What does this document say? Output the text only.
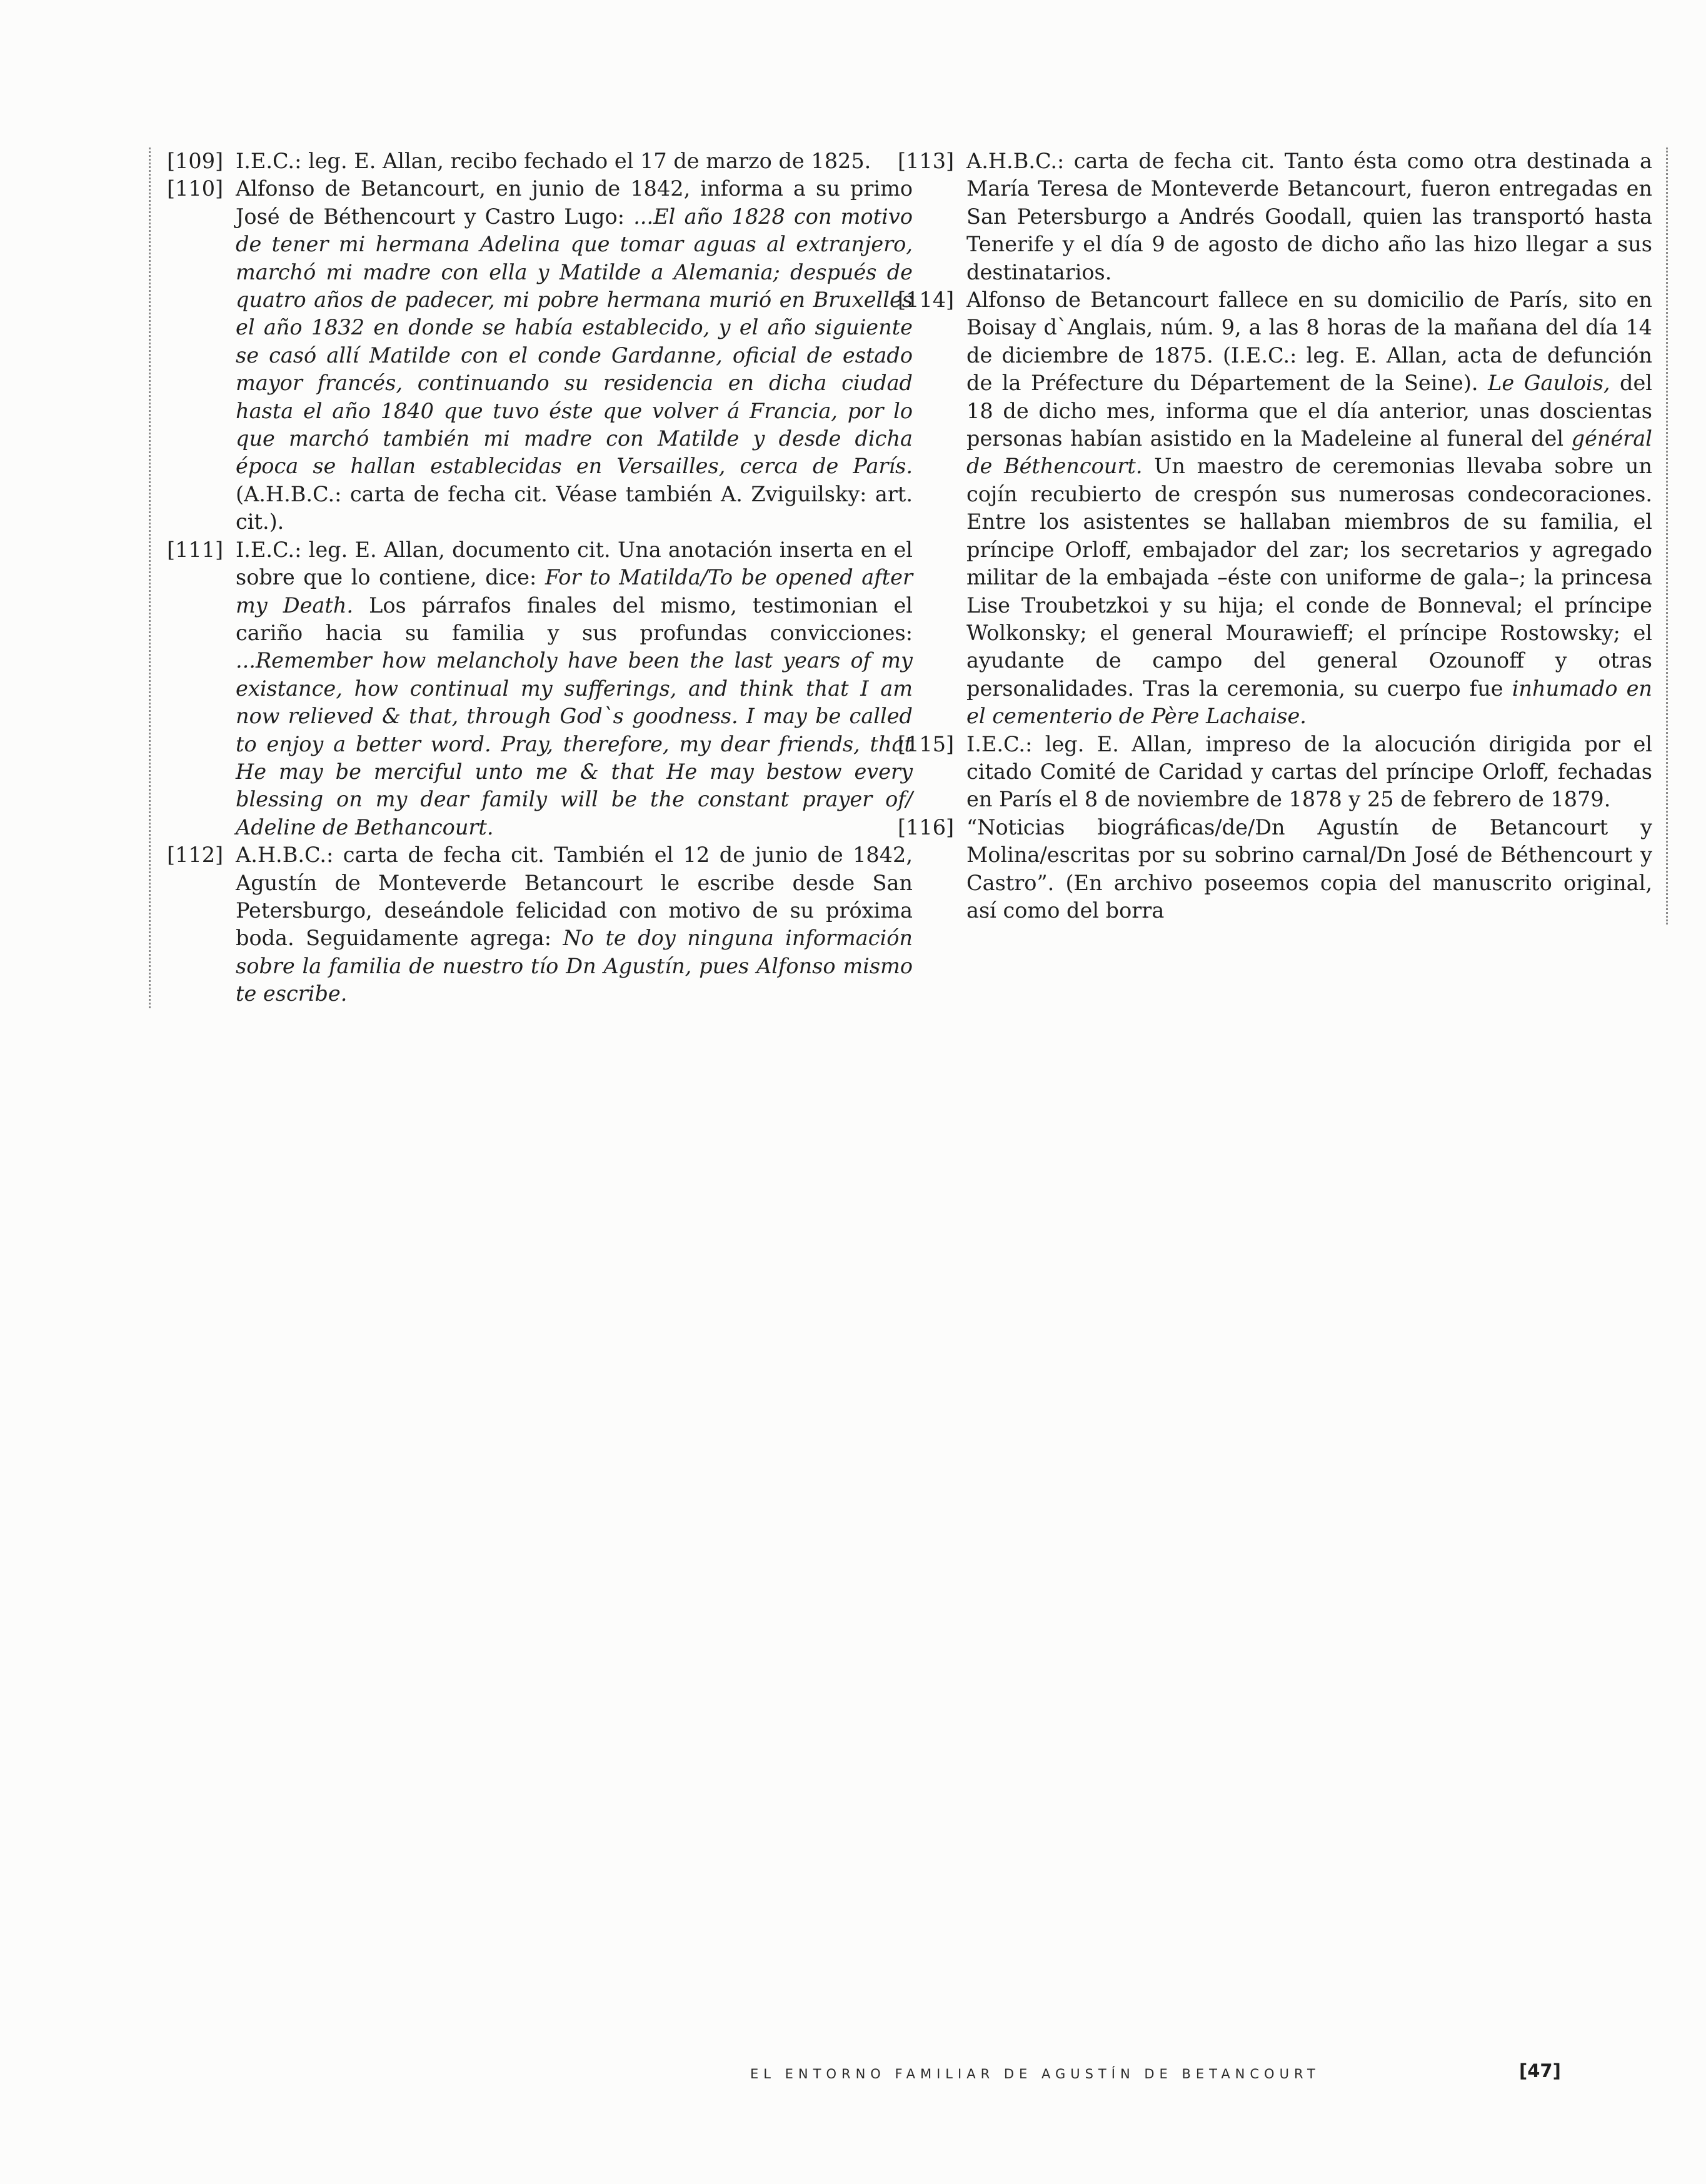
[109] I.E.C.: leg. E. Allan, recibo fechado el 17 de marzo de 1825.

[110] Alfonso de Betancourt, en junio de 1842, informa a su primo José de Béthencourt y Castro Lugo: ...El año 1828 con motivo de tener mi hermana Adelina que tomar aguas al extranjero, marchó mi madre con ella y Matilde a Alemania; después de quatro años de padecer, mi pobre hermana murió en Bruxelles el año 1832 en donde se había establecido, y el año siguiente se casó allí Matilde con el conde Gardanne, oficial de estado mayor francés, continuando su residencia en dicha ciudad hasta el año 1840 que tuvo éste que volver á Francia, por lo que marchó también mi madre con Matilde y desde dicha época se hallan establecidas en Versailles, cerca de París. (A.H.B.C.: carta de fecha cit. Véase también A. Zviguilsky: art. cit.).

[111] I.E.C.: leg. E. Allan, documento cit. Una anotación inserta en el sobre que lo contiene, dice: For to Matilda/To be opened after my Death. Los párrafos finales del mismo, testimonian el cariño hacia su familia y sus profundas convicciones: ...Remember how melancholy have been the last years of my existance, how continual my sufferings, and think that I am now relieved & that, through God`s goodness. I may be called to enjoy a better word. Pray, therefore, my dear friends, that He may be merciful unto me & that He may bestow every blessing on my dear family will be the constant prayer of/ Adeline de Bethancourt.

[112] A.H.B.C.: carta de fecha cit. También el 12 de junio de 1842, Agustín de Monteverde Betancourt le escribe desde San Petersburgo, deseándole felicidad con motivo de su próxima boda. Seguidamente agrega: No te doy ninguna información sobre la familia de nuestro tío Dn Agustín, pues Alfonso mismo te escribe.

[113] A.H.B.C.: carta de fecha cit. Tanto ésta como otra destinada a María Teresa de Monteverde Betancourt, fueron entregadas en San Petersburgo a Andrés Goodall, quien las transportó hasta Tenerife y el día 9 de agosto de dicho año las hizo llegar a sus destinatarios.

[114] Alfonso de Betancourt fallece en su domicilio de París, sito en Boisay d`Anglais, núm. 9, a las 8 horas de la mañana del día 14 de diciembre de 1875. (I.E.C.: leg. E. Allan, acta de defunción de la Préfecture du Département de la Seine). Le Gaulois, del 18 de dicho mes, informa que el día anterior, unas doscientas personas habían asistido en la Madeleine al funeral del général de Béthencourt. Un maestro de ceremonias llevaba sobre un cojín recubierto de crespón sus numerosas condecoraciones. Entre los asistentes se hallaban miembros de su familia, el príncipe Orloff, embajador del zar; los secretarios y agregado militar de la embajada –éste con uniforme de gala–; la princesa Lise Troubetzkoi y su hija; el conde de Bonneval; el príncipe Wolkonsky; el general Mourawieff; el príncipe Rostowsky; el ayudante de campo del general Ozounoff y otras personalidades. Tras la ceremonia, su cuerpo fue inhumado en el cementerio de Père Lachaise.

[115] I.E.C.: leg. E. Allan, impreso de la alocución dirigida por el citado Comité de Caridad y cartas del príncipe Orloff, fechadas en París el 8 de noviembre de 1878 y 25 de febrero de 1879.

[116] “Noticias biográficas/de/Dn Agustín de Betancourt y Molina/escritas por su sobrino carnal/Dn José de Béthencourt y Castro”. (En archivo poseemos copia del manuscrito original, así como del borra

EL ENTORNO FAMILIAR DE AGUSTÍN DE BETANCOURT	[47]
